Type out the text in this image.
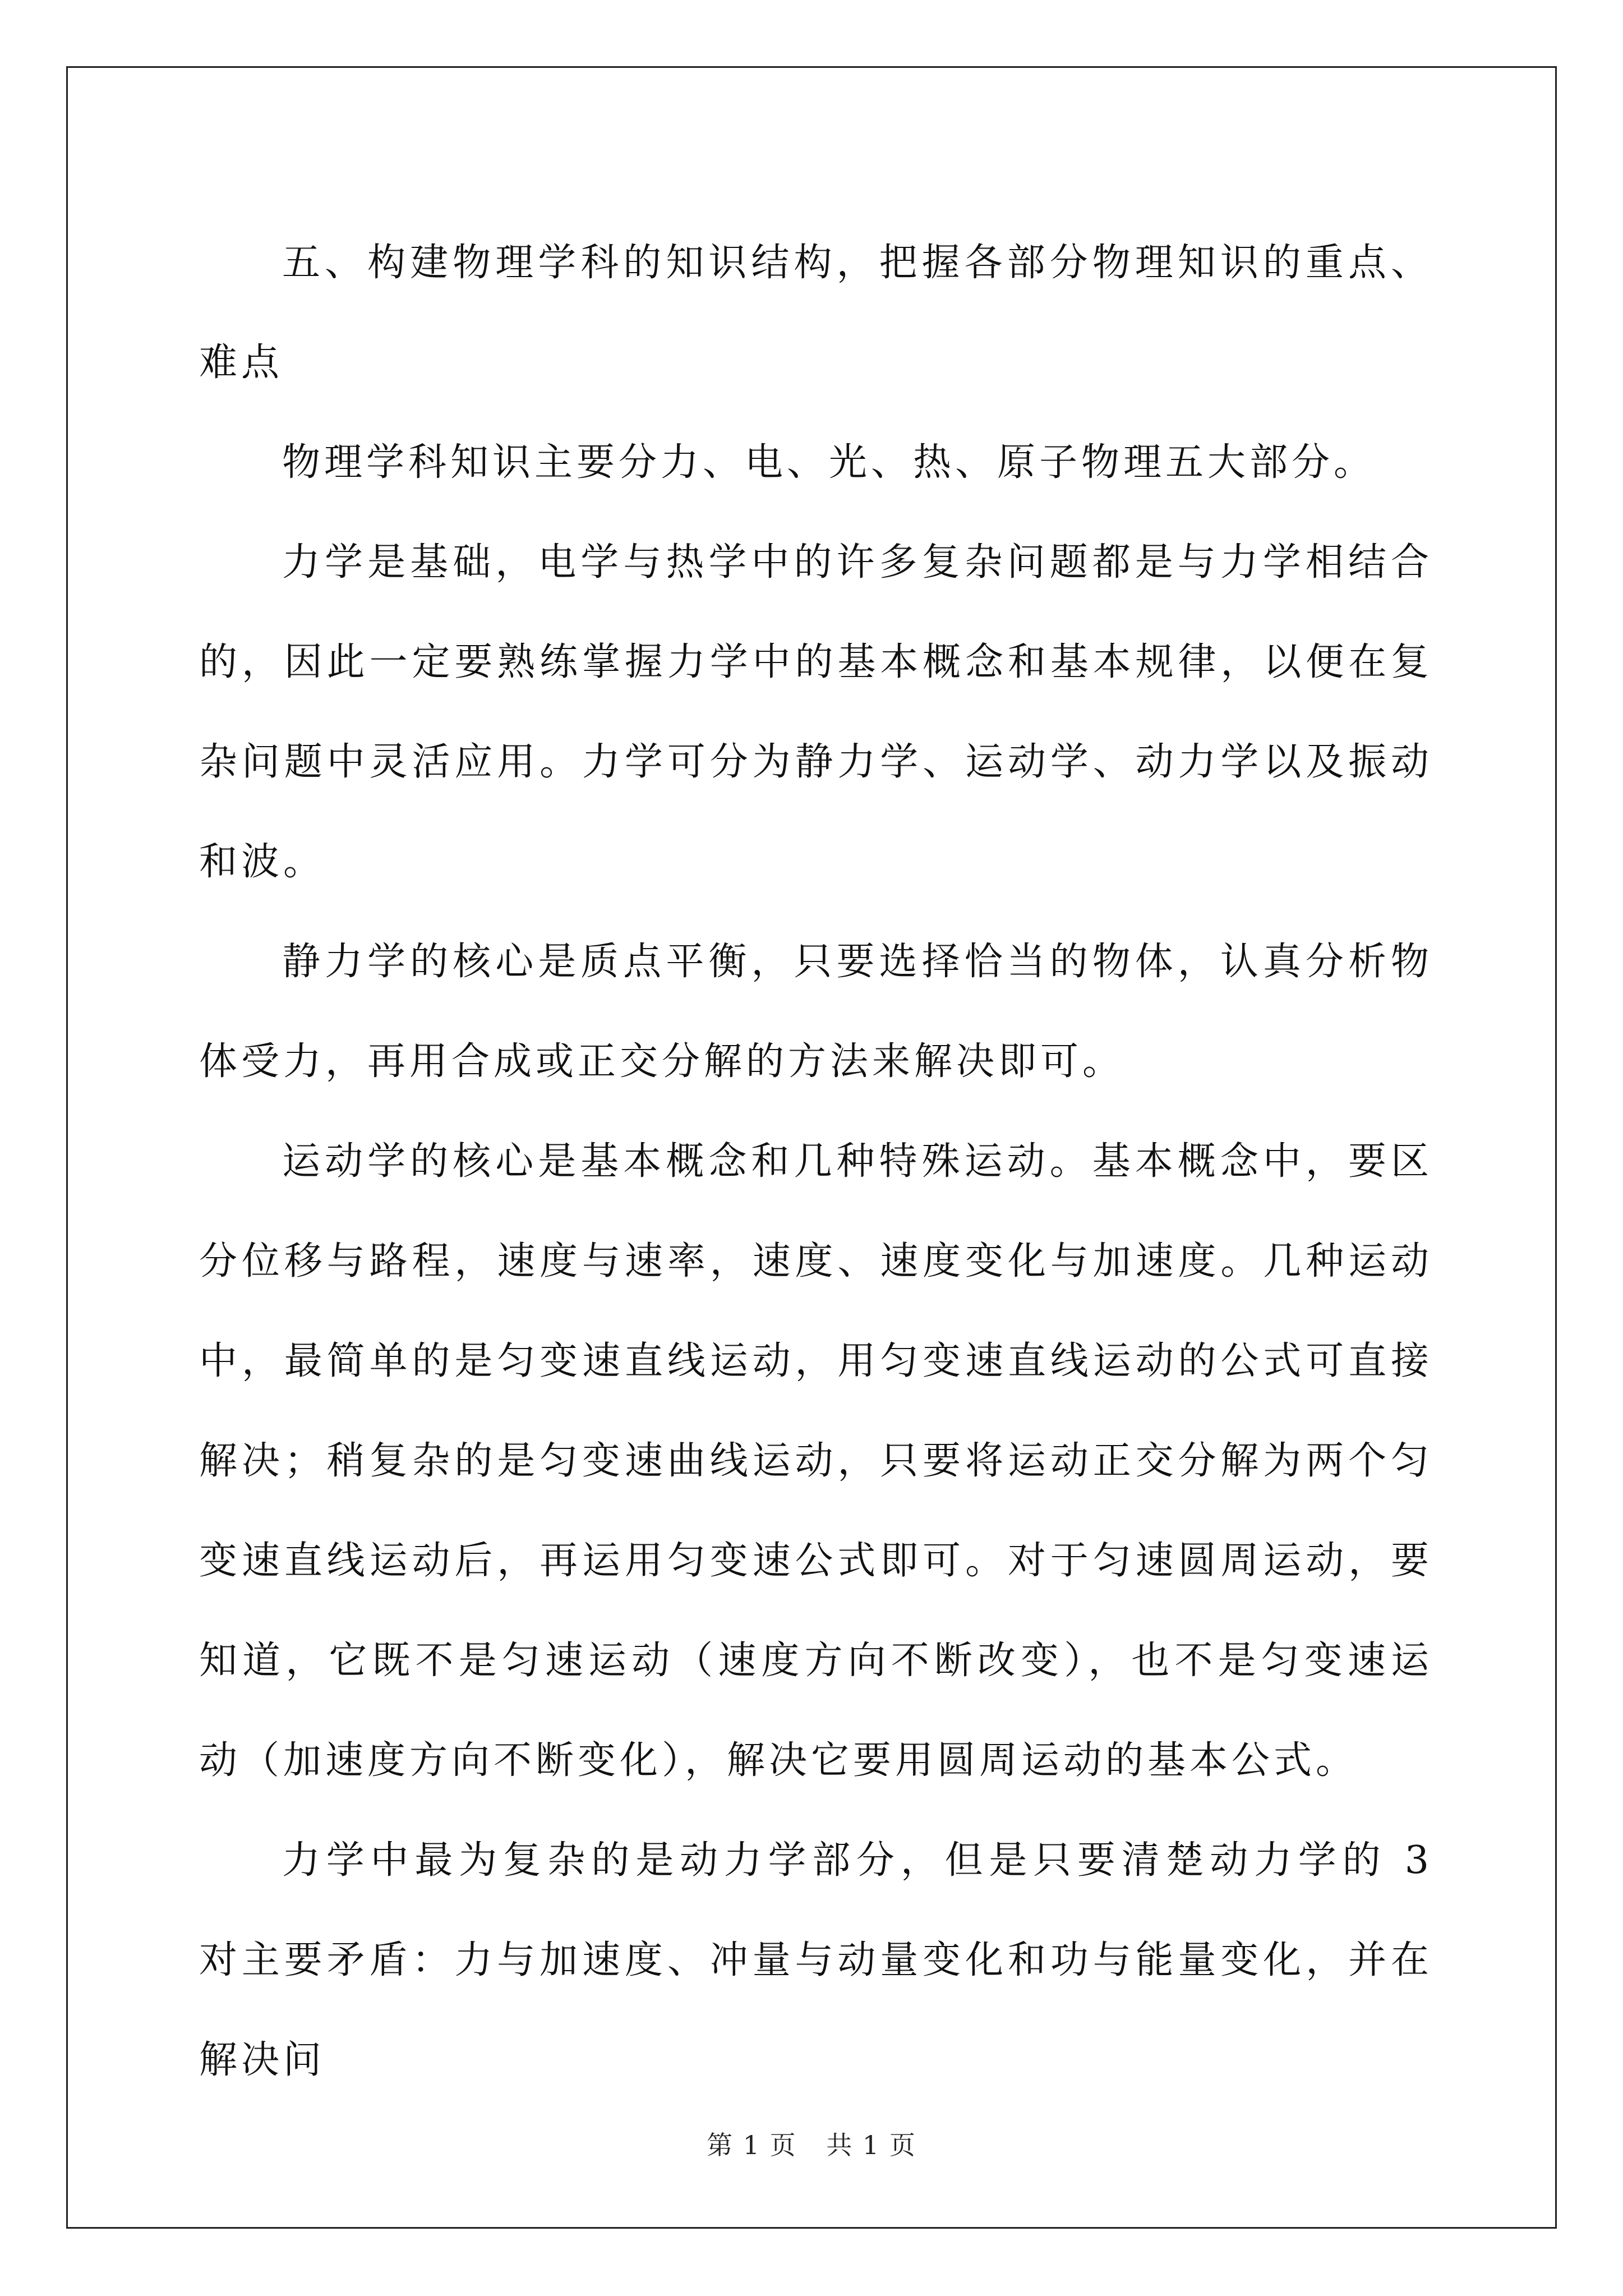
五、构建物理学科的知识结构，把握各部分物理知识的重点、难点

物理学科知识主要分力、电、光、热、原子物理五大部分。

力学是基础，电学与热学中的许多复杂问题都是与力学相结合的，因此一定要熟练掌握力学中的基本概念和基本规律，以便在复杂问题中灵活应用。力学可分为静力学、运动学、动力学以及振动和波。

静力学的核心是质点平衡，只要选择恰当的物体，认真分析物体受力，再用合成或正交分解的方法来解决即可。

运动学的核心是基本概念和几种特殊运动。基本概念中，要区分位移与路程，速度与速率，速度、速度变化与加速度。几种运动中，最简单的是匀变速直线运动，用匀变速直线运动的公式可直接解决；稍复杂的是匀变速曲线运动，只要将运动正交分解为两个匀变速直线运动后，再运用匀变速公式即可。对于匀速圆周运动，要知道，它既不是匀速运动（速度方向不断改变），也不是匀变速运动（加速度方向不断变化），解决它要用圆周运动的基本公式。

力学中最为复杂的是动力学部分，但是只要清楚动力学的 3 对主要矛盾：力与加速度、冲量与动量变化和功与能量变化，并在解决问

第 1 页 共 1 页
